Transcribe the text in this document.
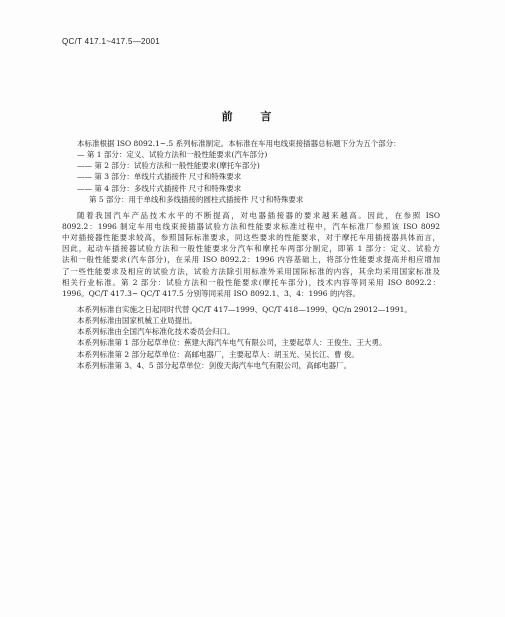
QC/T 417.1~417.5—2001
前 言
本标准根据 ISO 8092.1~.5 系列标准制定。本标准在车用电线束接插器总标题下分为五个部分：
— 第 1 部分：定义、试验方法和一般性能要求(汽车部分)
—— 第 2 部分：试验方法和一般性能要求(摩托车部分)
—— 第 3 部分：单线片式插接件 尺寸和特殊要求
—— 第 4 部分：多线片式插接件 尺寸和特殊要求
第 5 部分：用于单线和多线插接的圆柱式插接件 尺寸和特殊要求
随着我国汽车产品技术水平的不断提高，对电器插接器的要求越来越高。因此，在参照 ISO
8092.2：1996 制定车用电线束接插器试验方法和性能要求标准过程中，汽车标准厂参照该 ISO 8092
中对插接器性能要求较高，参照国际标准要求，同这些要求的性能要求，对于摩托车用插接器具体而言，
因此，起动车插接器试验方法和一般性能要求分汽车和摩托车两部分制定，即第 1 部分：定义、试验方
法和一般性能要求(汽车部分)，在采用 ISO 8092.2：1996 内容基础上，将部分性能要求提高并相应增加
了一些性能要求及相应的试验方法，试验方法除引用标准外采用国际标准的内容，其余均采用国家标准及
相关行业标准。第 2 部分：试验方法和一般性能要求(摩托车部分)，技术内容等同采用 ISO 8092.2：
1996。QC/T 417.3~ QC/T 417.5 分别等同采用 ISO 8092.1、3、4：1996 的内容。
本系列标准自实施之日起同时代替 QC/T 417—1999、QC/T 418—1999、QC/n 29012—1991。
本系列标准由国家机械工业局提出。
本系列标准由全国汽车标准化技术委员会归口。
本系列标准第 1 部分起草单位：蕉建大海汽车电气有限公司，主要起草人：王俊生、王大勇。
本系列标准第 2 部分起草单位：高邮电器厂，主要起草人：胡玉光、吴长江、曹 俊。
本系列标准第 3、4、5 部分起草单位：剑俊天海汽车电气有限公司，高邮电器厂。
